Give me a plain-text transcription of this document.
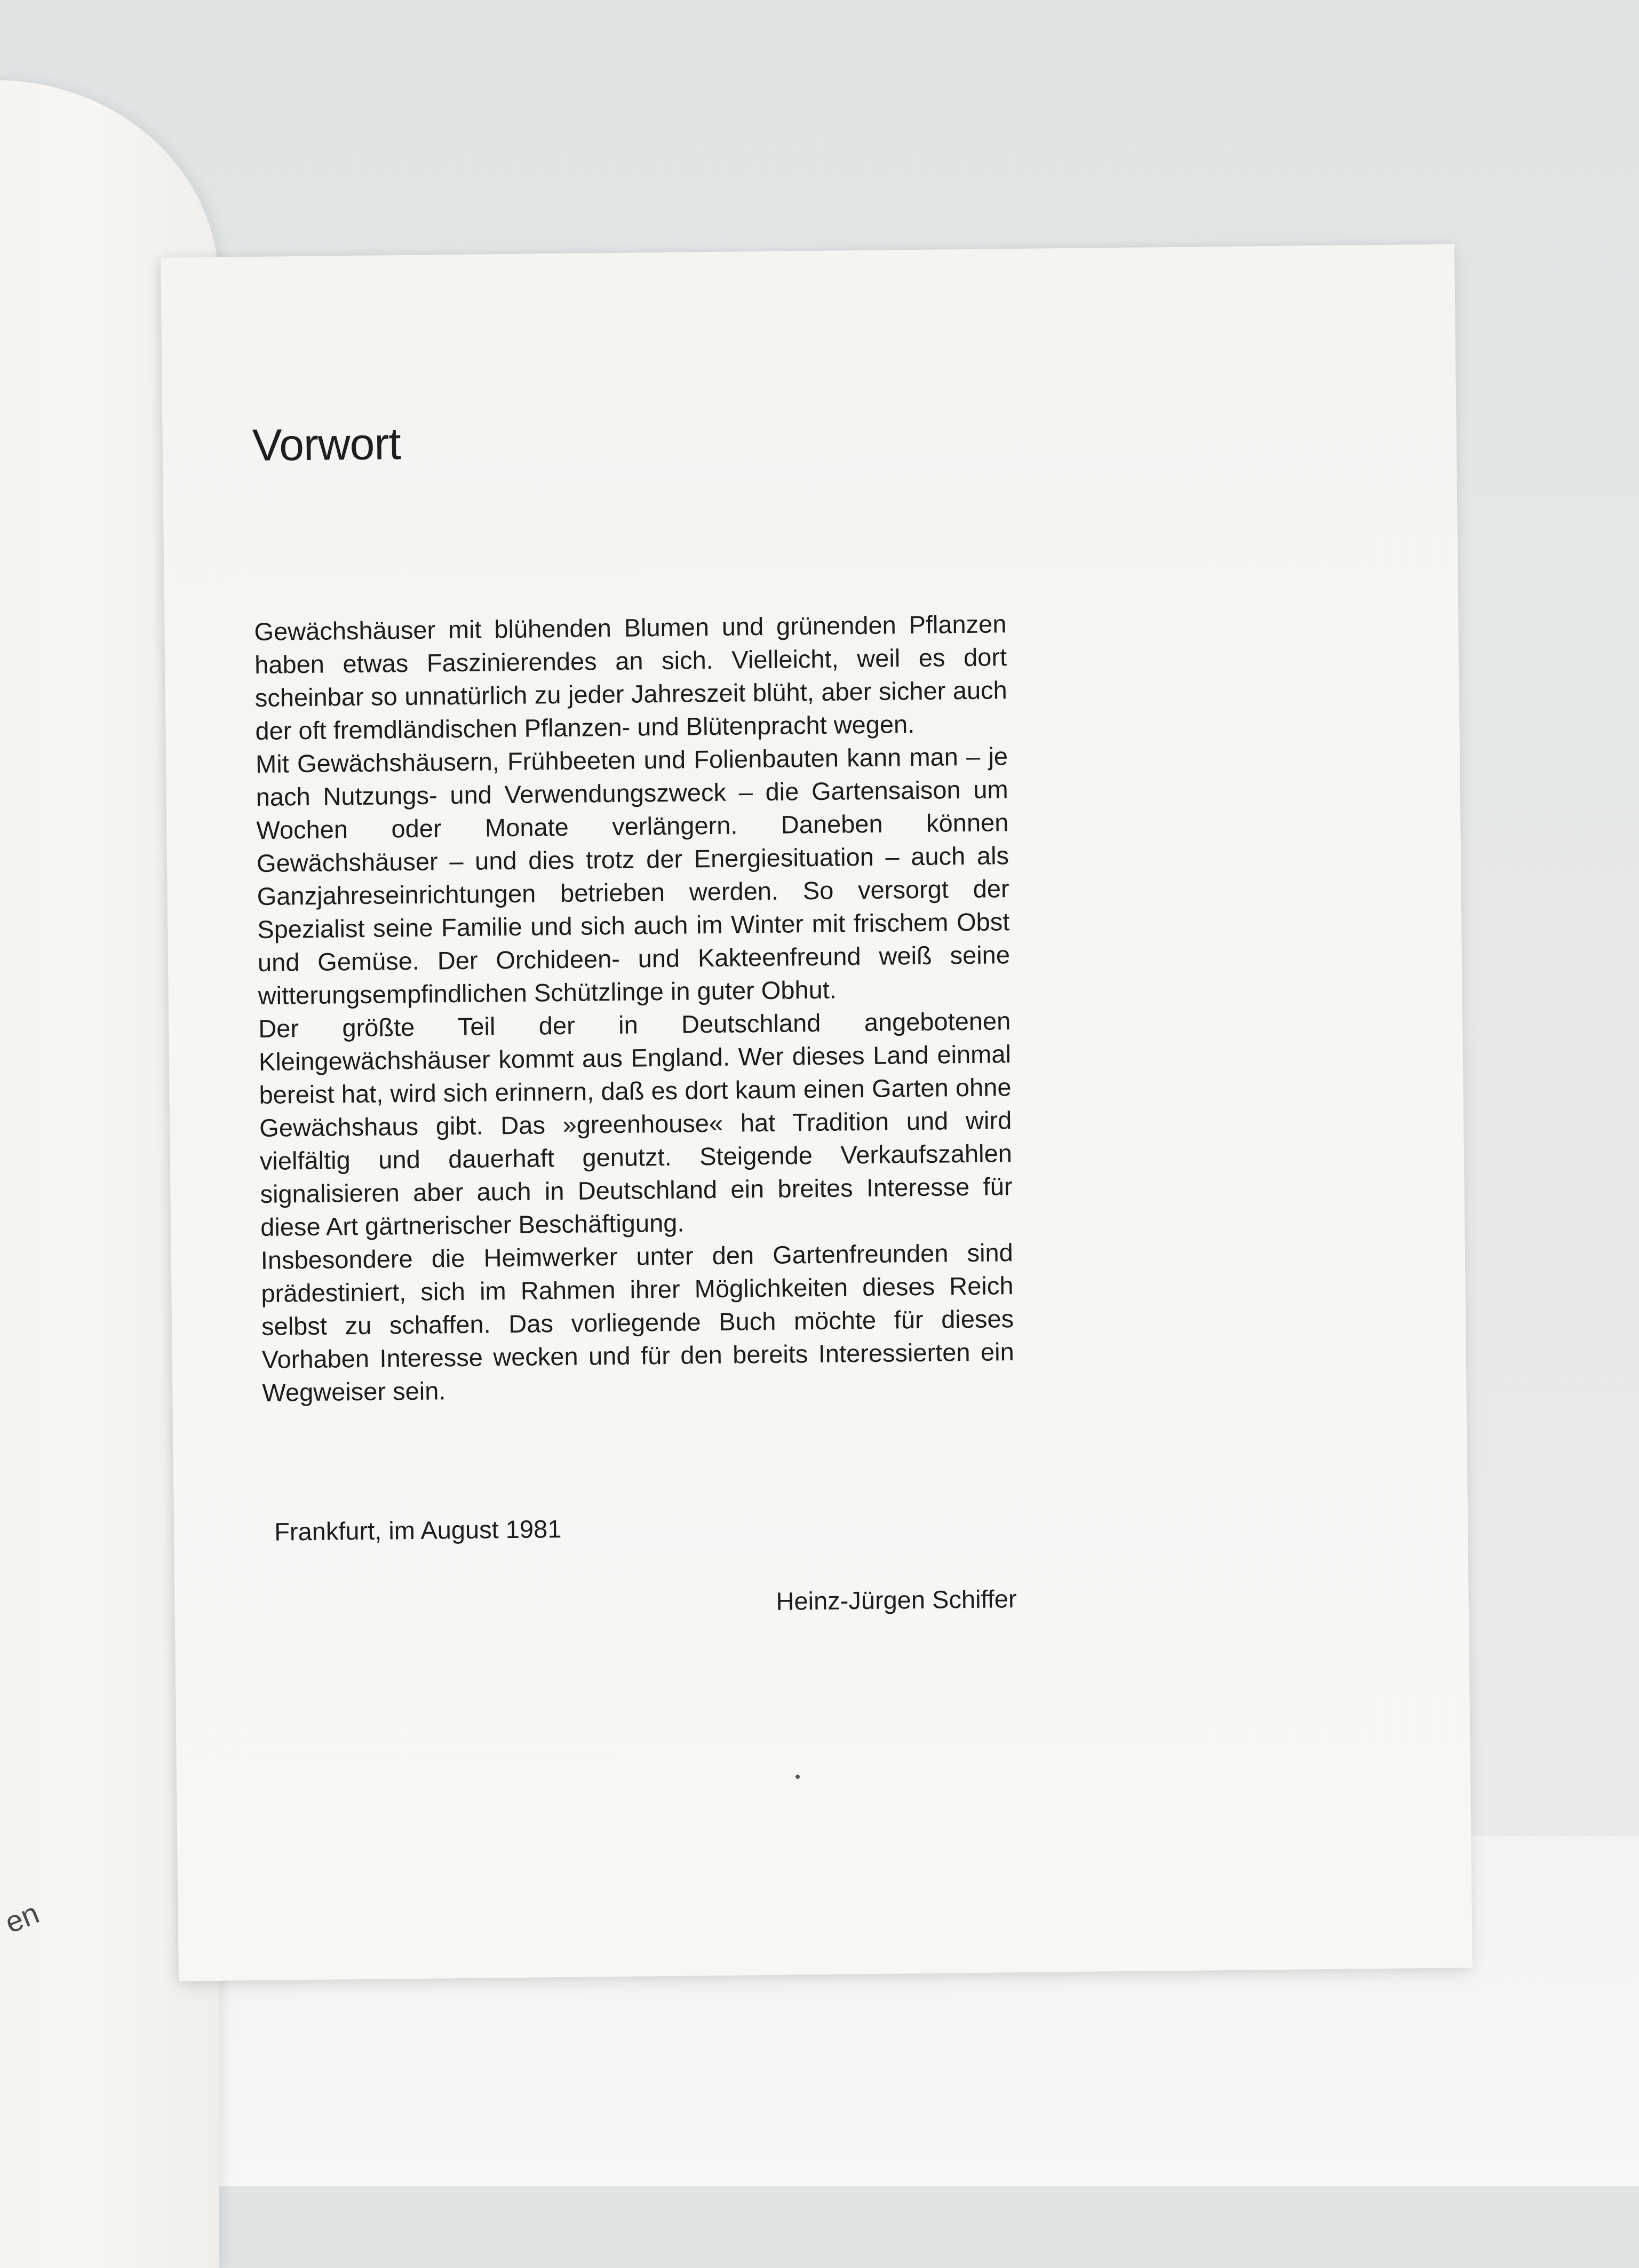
en
Vorwort

Gewächshäuser mit blühenden Blumen und grünenden Pflanzen haben etwas Faszinierendes an sich. Vielleicht, weil es dort scheinbar so unnatürlich zu jeder Jahreszeit blüht, aber sicher auch der oft fremdländischen Pflanzen- und Blütenpracht wegen.

Mit Gewächshäusern, Frühbeeten und Folienbauten kann man – je nach Nutzungs- und Verwendungszweck – die Gartensaison um Wochen oder Monate verlängern. Daneben können Gewächshäuser – und dies trotz der Energiesituation – auch als Ganzjahreseinrichtungen betrieben werden. So versorgt der Spezialist seine Familie und sich auch im Winter mit frischem Obst und Gemüse. Der Orchideen- und Kakteenfreund weiß seine witterungsempfindlichen Schützlinge in guter Obhut.

Der größte Teil der in Deutschland angebotenen Kleingewächshäuser kommt aus England. Wer dieses Land einmal bereist hat, wird sich erinnern, daß es dort kaum einen Garten ohne Gewächshaus gibt. Das »greenhouse« hat Tradition und wird vielfältig und dauerhaft genutzt. Steigende Verkaufszahlen signalisieren aber auch in Deutschland ein breites Interesse für diese Art gärtnerischer Beschäftigung.

Insbesondere die Heimwerker unter den Gartenfreunden sind prädestiniert, sich im Rahmen ihrer Möglichkeiten dieses Reich selbst zu schaffen. Das vorliegende Buch möchte für dieses Vorhaben Interesse wecken und für den bereits Interessierten ein Wegweiser sein.

Frankfurt, im August 1981

Heinz-Jürgen Schiffer
